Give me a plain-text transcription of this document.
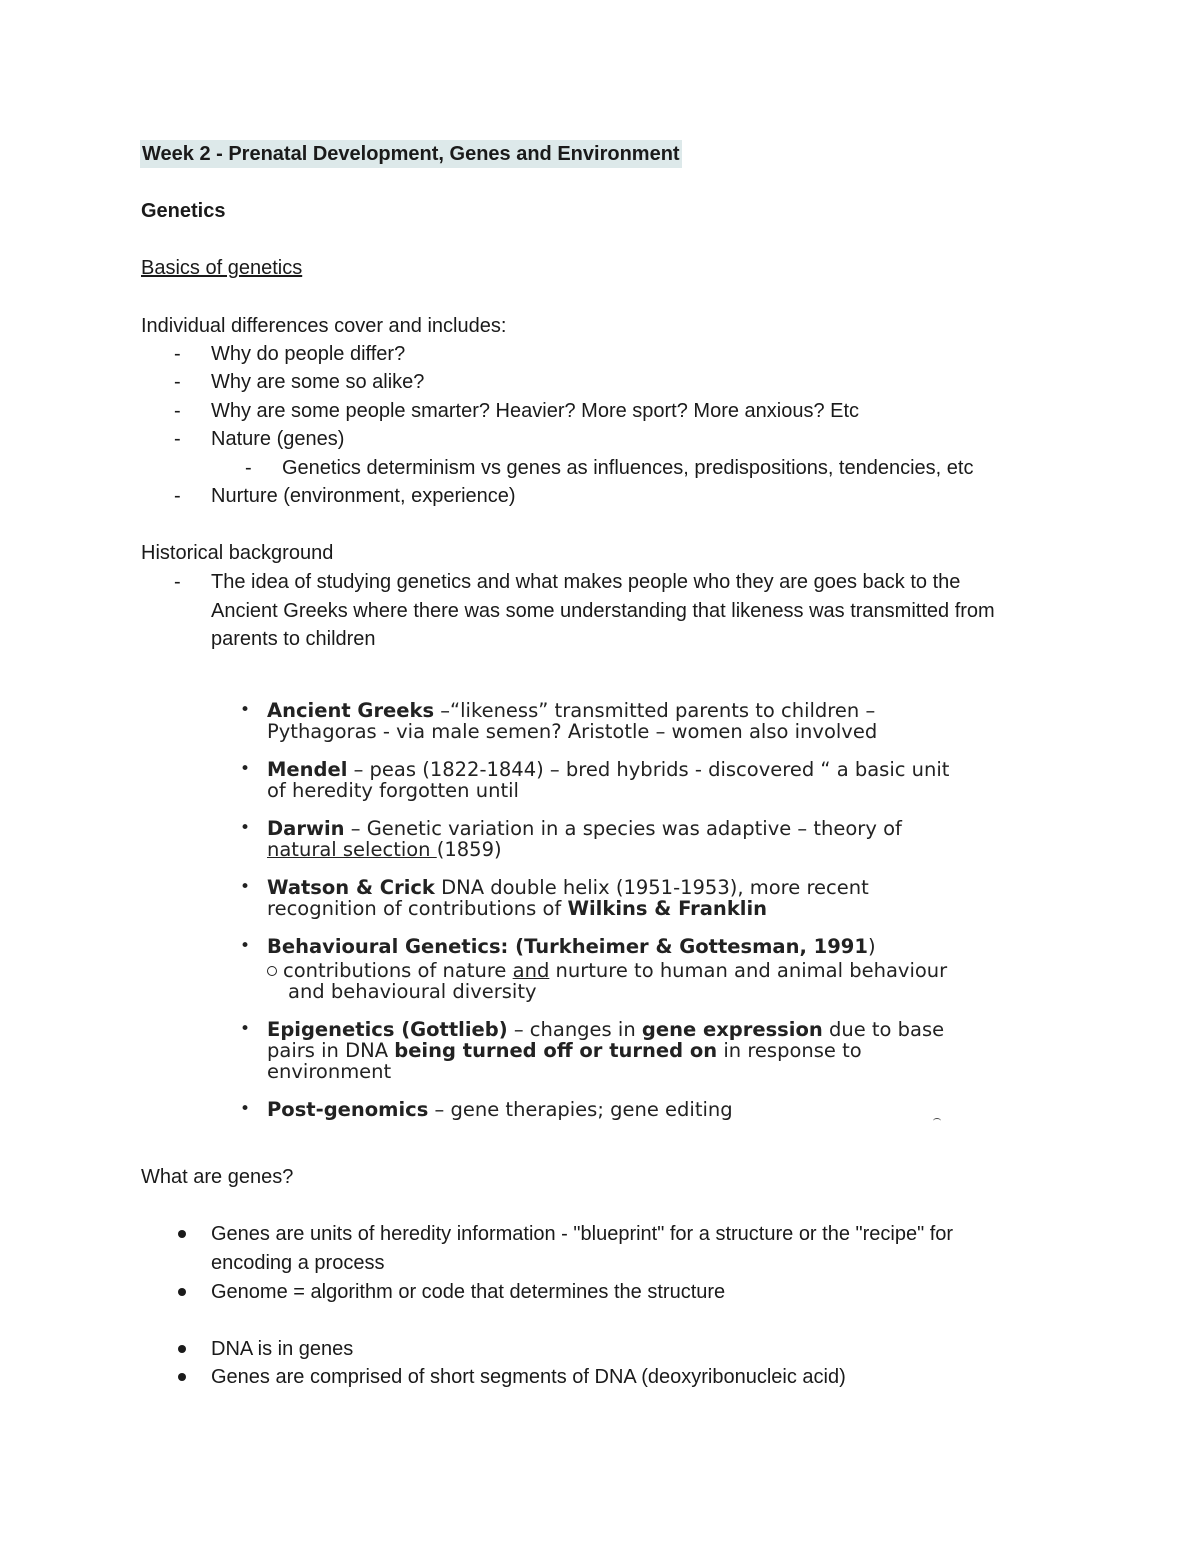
Week 2 - Prenatal Development, Genes and Environment
Genetics
Basics of genetics
Individual differences cover and includes:
- Why do people differ?
- Why are some so alike?
- Why are some people smarter? Heavier? More sport? More anxious? Etc
- Nature (genes)
- Genetics determinism vs genes as influences, predispositions, tendencies, etc
- Nurture (environment, experience)
Historical background
- The idea of studying genetics and what makes people who they are goes back to the
Ancient Greeks where there was some understanding that likeness was transmitted from
parents to children
• Ancient Greeks –“likeness” transmitted parents to children –
Pythagoras - via male semen? Aristotle – women also involved
• Mendel – peas (1822-1844) – bred hybrids - discovered “ a basic unit
of heredity forgotten until
• Darwin – Genetic variation in a species was adaptive – theory of
natural selection (1859)
• Watson & Crick DNA double helix (1951-1953), more recent
recognition of contributions of Wilkins & Franklin
• Behavioural Genetics: (Turkheimer & Gottesman, 1991)
contributions of nature and nurture to human and animal behaviour
and behavioural diversity
• Epigenetics (Gottlieb) – changes in gene expression due to base
pairs in DNA being turned off or turned on in response to
environment
• Post-genomics – gene therapies; gene editing
What are genes?
Genes are units of heredity information - "blueprint" for a structure or the "recipe" for
encoding a process
Genome = algorithm or code that determines the structure
DNA is in genes
Genes are comprised of short segments of DNA (deoxyribonucleic acid)
